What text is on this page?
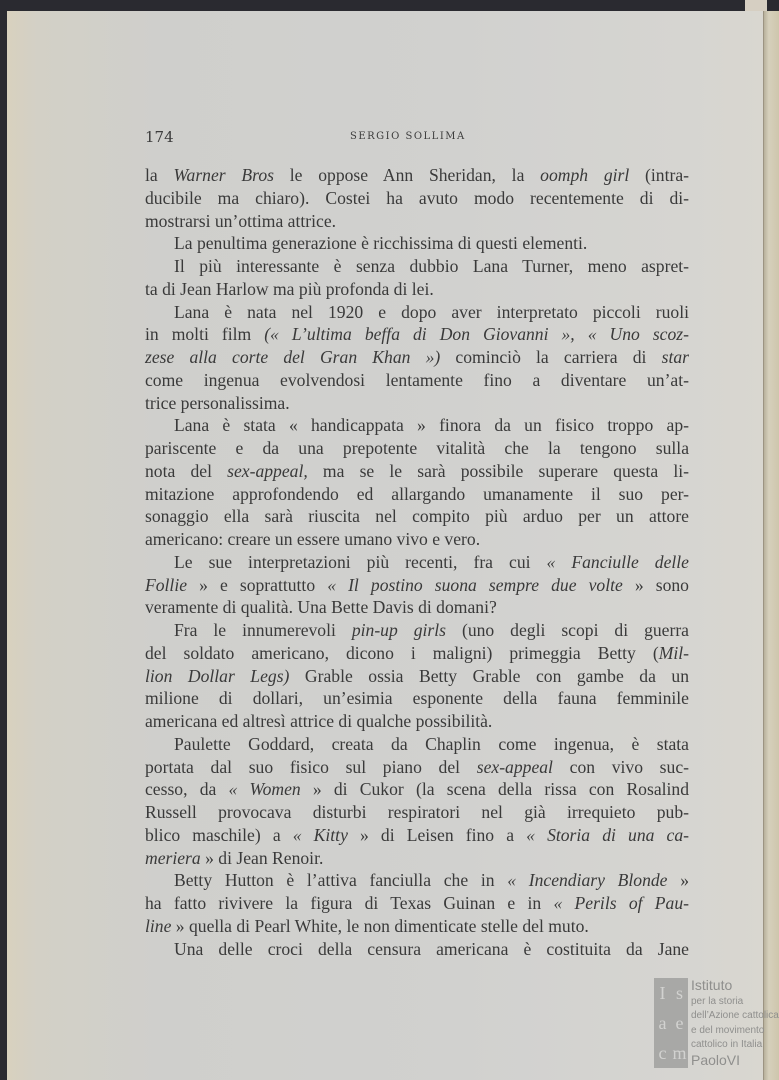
174	SERGIO SOLLIMA
la Warner Bros le oppose Ann Sheridan, la oomph girl (intra-
ducibile ma chiaro). Costei ha avuto modo recentemente di di-
mostrarsi un’ottima attrice.
La penultima generazione è ricchissima di questi elementi.
Il più interessante è senza dubbio Lana Turner, meno aspret-
ta di Jean Harlow ma più profonda di lei.
Lana è nata nel 1920 e dopo aver interpretato piccoli ruoli
in molti film (« L’ultima beffa di Don Giovanni », « Uno scoz-
zese alla corte del Gran Khan ») cominciò la carriera di star
come ingenua evolvendosi lentamente fino a diventare un’at-
trice personalissima.
Lana è stata « handicappata » finora da un fisico troppo ap-
pariscente e da una prepotente vitalità che la tengono sulla
nota del sex-appeal, ma se le sarà possibile superare questa li-
mitazione approfondendo ed allargando umanamente il suo per-
sonaggio ella sarà riuscita nel compito più arduo per un attore
americano: creare un essere umano vivo e vero.
Le sue interpretazioni più recenti, fra cui « Fanciulle delle
Follie » e soprattutto « Il postino suona sempre due volte » sono
veramente di qualità. Una Bette Davis di domani?
Fra le innumerevoli pin-up girls (uno degli scopi di guerra
del soldato americano, dicono i maligni) primeggia Betty (Mil-
lion Dollar Legs) Grable ossia Betty Grable con gambe da un
milione di dollari, un’esimia esponente della fauna femminile
americana ed altresì attrice di qualche possibilità.
Paulette Goddard, creata da Chaplin come ingenua, è stata
portata dal suo fisico sul piano del sex-appeal con vivo suc-
cesso, da « Women » di Cukor (la scena della rissa con Rosalind
Russell provocava disturbi respiratori nel già irrequieto pub-
blico maschile) a « Kitty » di Leisen fino a « Storia di una ca-
meriera » di Jean Renoir.
Betty Hutton è l’attiva fanciulla che in « Incendiary Blonde »
ha fatto rivivere la figura di Texas Guinan e in « Perils of Pau-
line » quella di Pearl White, le non dimenticate stelle del muto.
Una delle croci della censura americana è costituita da Jane
I s
a e
c m
Istituto
per la storia
dell’Azione cattolica
e del movimento
cattolico in Italia
PaoloVI
